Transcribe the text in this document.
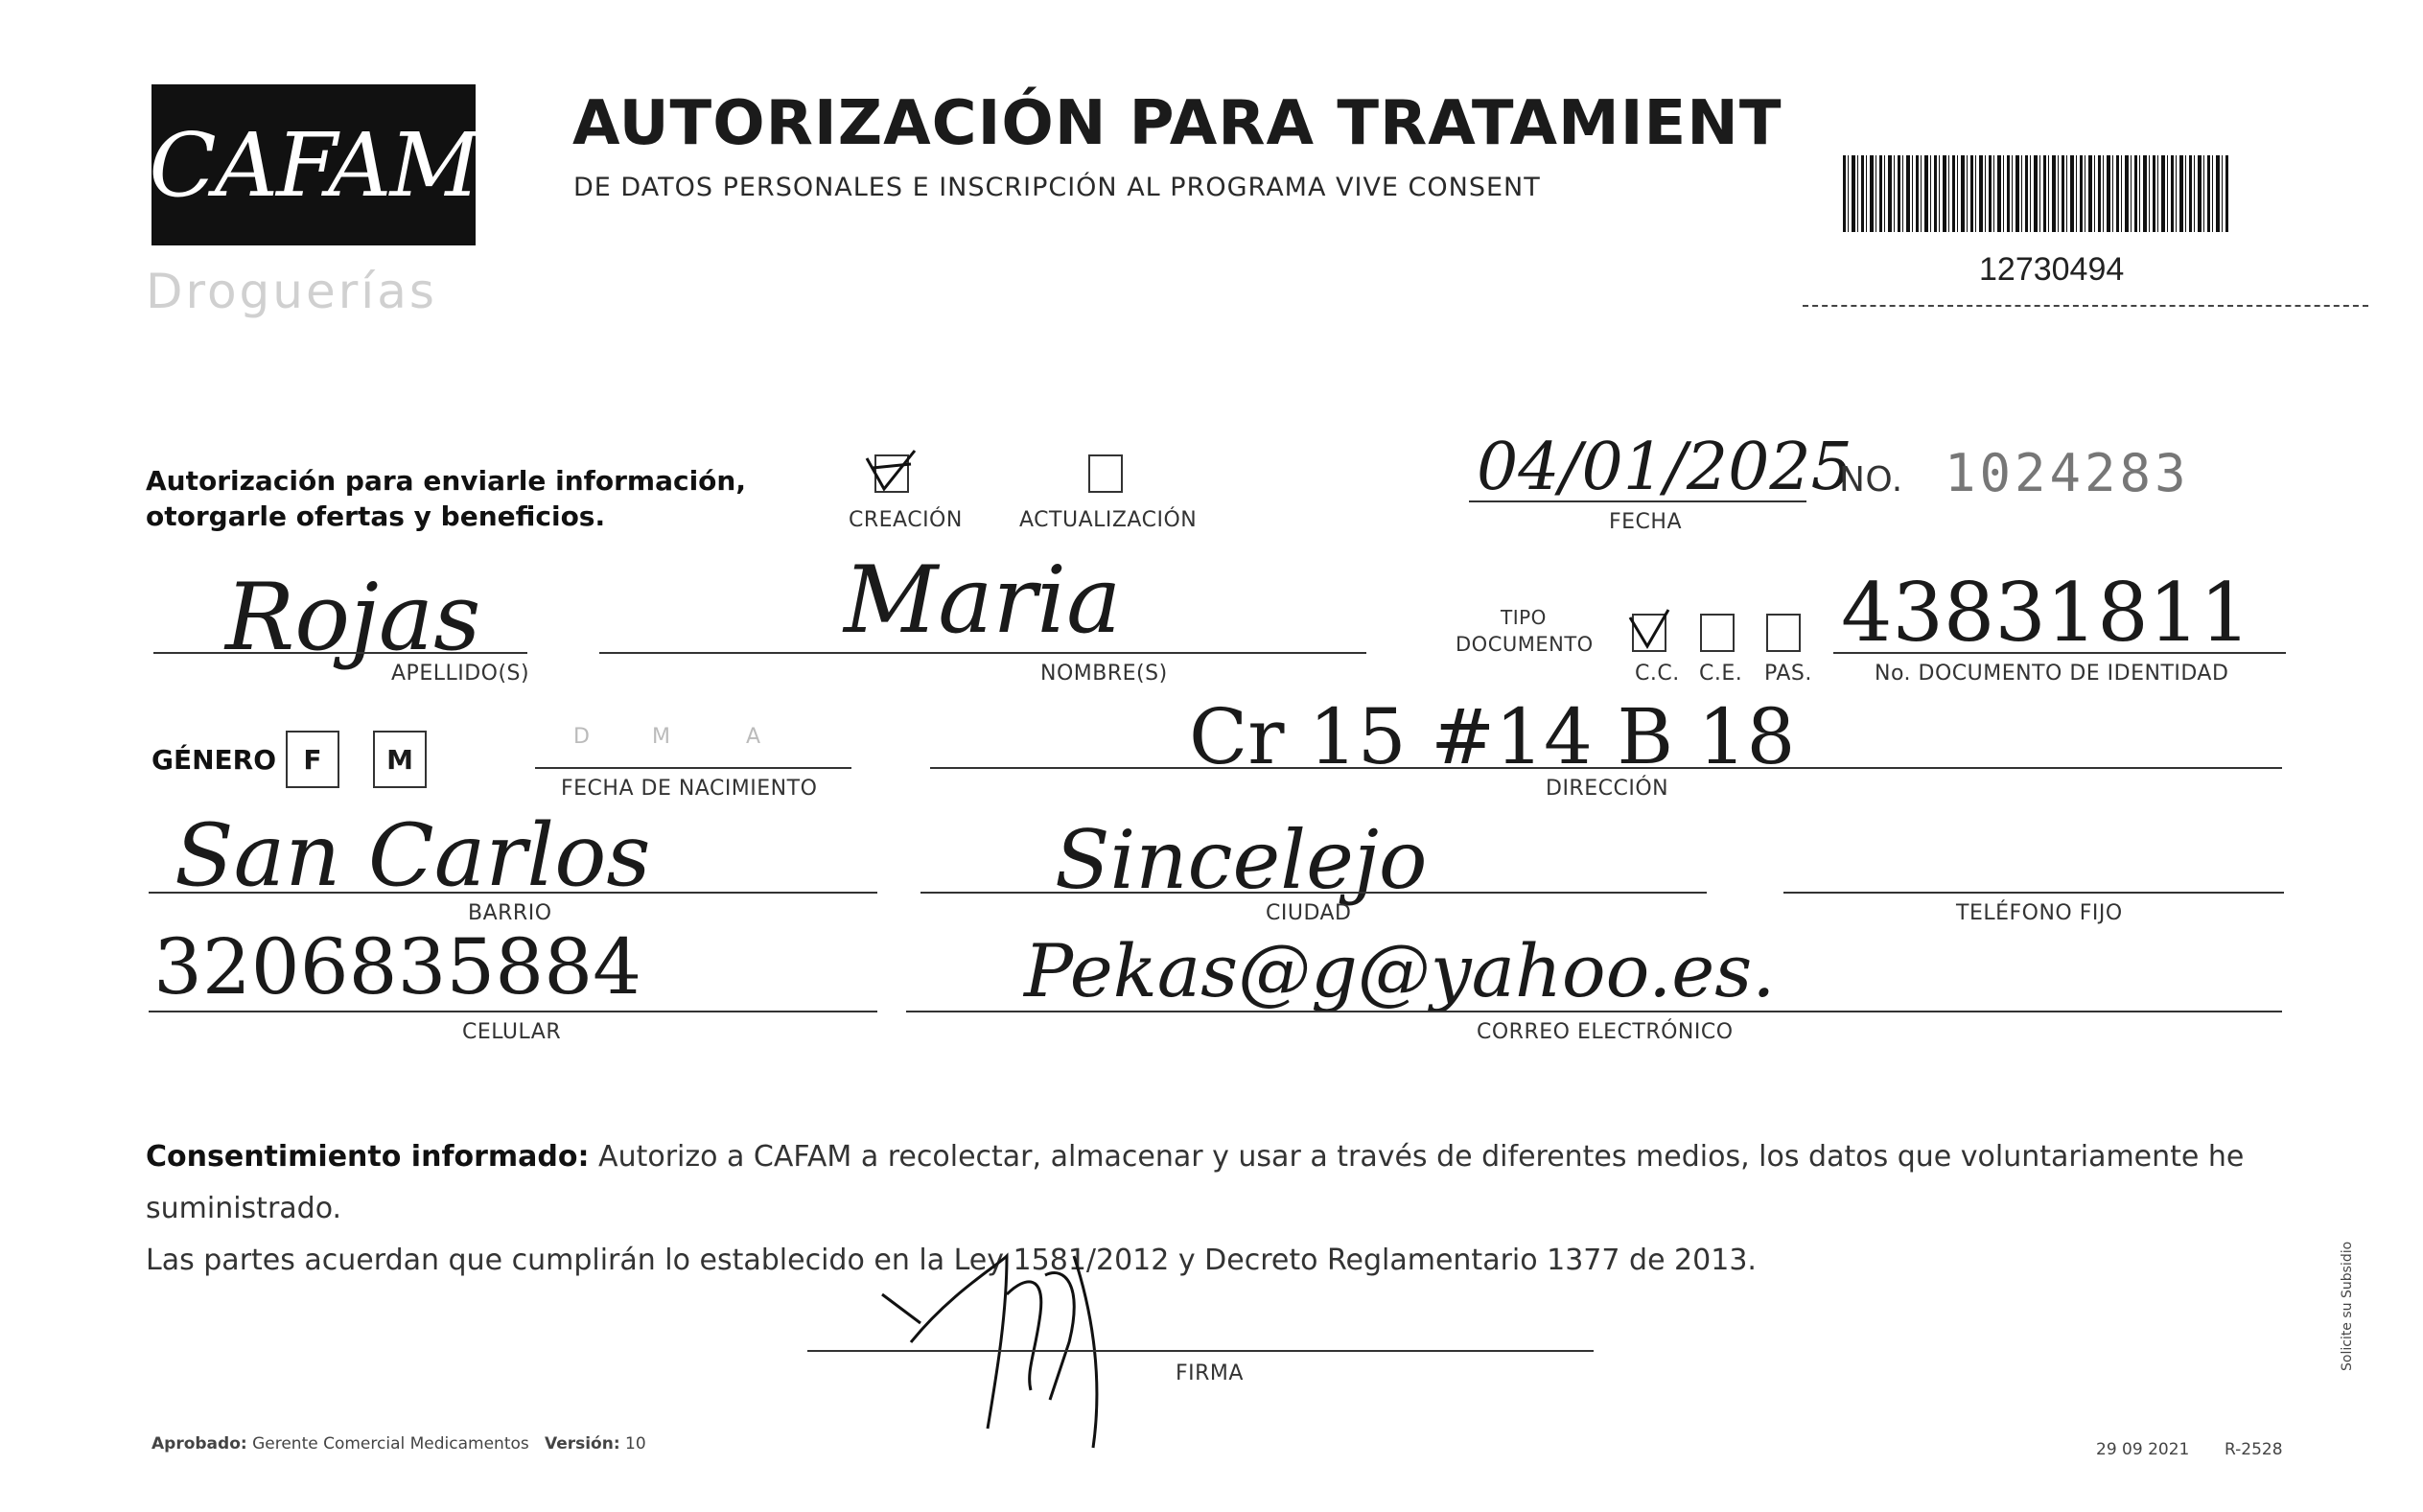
CAFAM
Droguerías
AUTORIZACIÓN PARA TRATAMIENT
DE DATOS PERSONALES E INSCRIPCIÓN AL PROGRAMA VIVE CONSENT
12730494
Autorización para enviarle información,
otorgarle ofertas y beneficios.	CREACIÓN	ACTUALIZACIÓN
04/01/2025
FECHA
NO. 1024283
Rojas
APELLIDO(S)
Maria
NOMBRE(S)
TIPO
DOCUMENTO
C.C. C.E. PAS.
43831811
No. DOCUMENTO DE IDENTIDAD
GÉNERO	F	M
D	M	A
FECHA DE NACIMIENTO
Cr 15 #14 B 18
DIRECCIÓN
San Carlos
BARRIO
Sincelejo
CIUDAD	TELÉFONO FIJO
3206835884
CELULAR
Pekas@g@yahoo.es.
CORREO ELECTRÓNICO
Consentimiento informado: Autorizo a CAFAM a recolectar, almacenar y usar a través de diferentes medios, los datos que voluntariamente he suministrado.
Las partes acuerdan que cumplirán lo establecido en la Ley 1581/2012 y Decreto Reglamentario 1377 de 2013.
FIRMA
Aprobado: Gerente Comercial Medicamentos Versión: 10	29 09 2021 R-2528
Solicite su Subsidio
